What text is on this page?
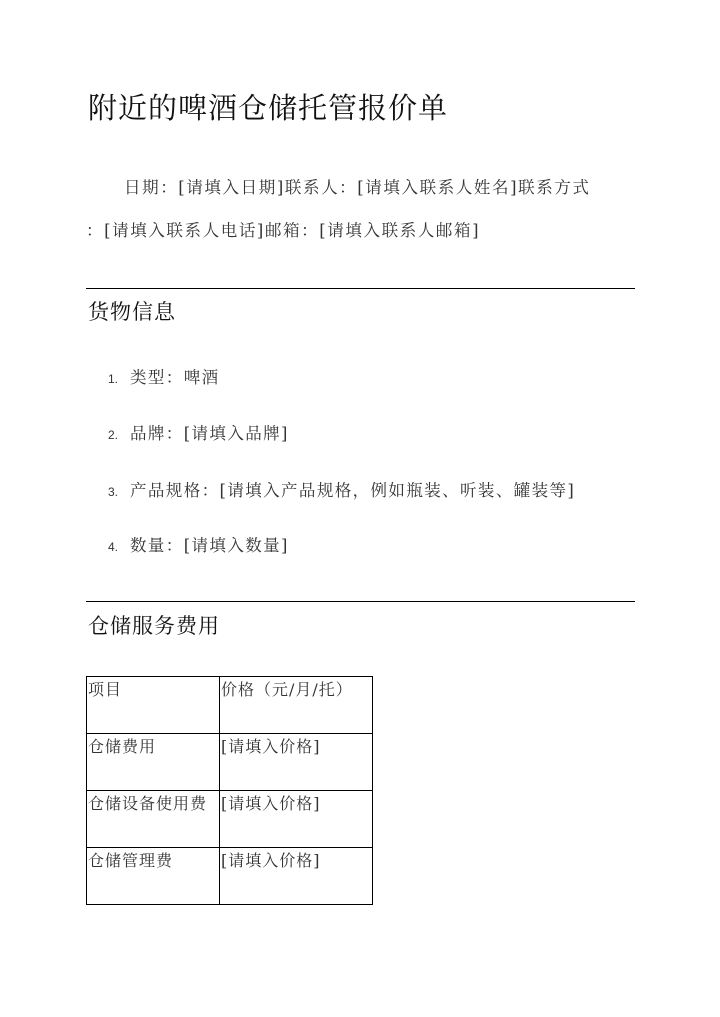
附近的啤酒仓储托管报价单
日期：[请填入日期]联系人：[请填入联系人姓名]联系方式
：[请填入联系人电话]邮箱：[请填入联系人邮箱]
货物信息
1. 类型：啤酒
2. 品牌：[请填入品牌]
3. 产品规格：[请填入产品规格，例如瓶装、听装、罐装等]
4. 数量：[请填入数量]
仓储服务费用
项目	价格（元/月/托）
仓储费用	[请填入价格]
仓储设备使用费	[请填入价格]
仓储管理费	[请填入价格]
